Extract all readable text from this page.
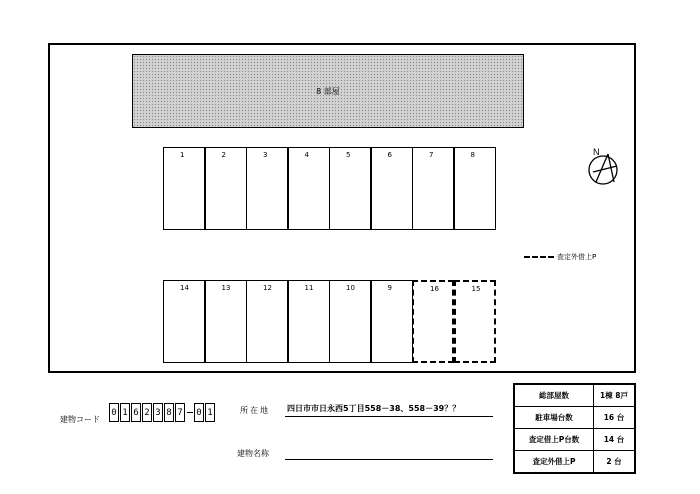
8 部屋
1	2	3	4	5	6	7	8
14	13	12	11	10	9	16	15
N
査定外借上P
建物コード
0 1 6 2 3 8 7 0 1	所在地 四日市市日永西5丁目558－38、558－39？？
建物名称
総部屋数	1棟 8戸
駐車場台数	16 台
査定借上P台数	14 台
査定外借上P	2 台
